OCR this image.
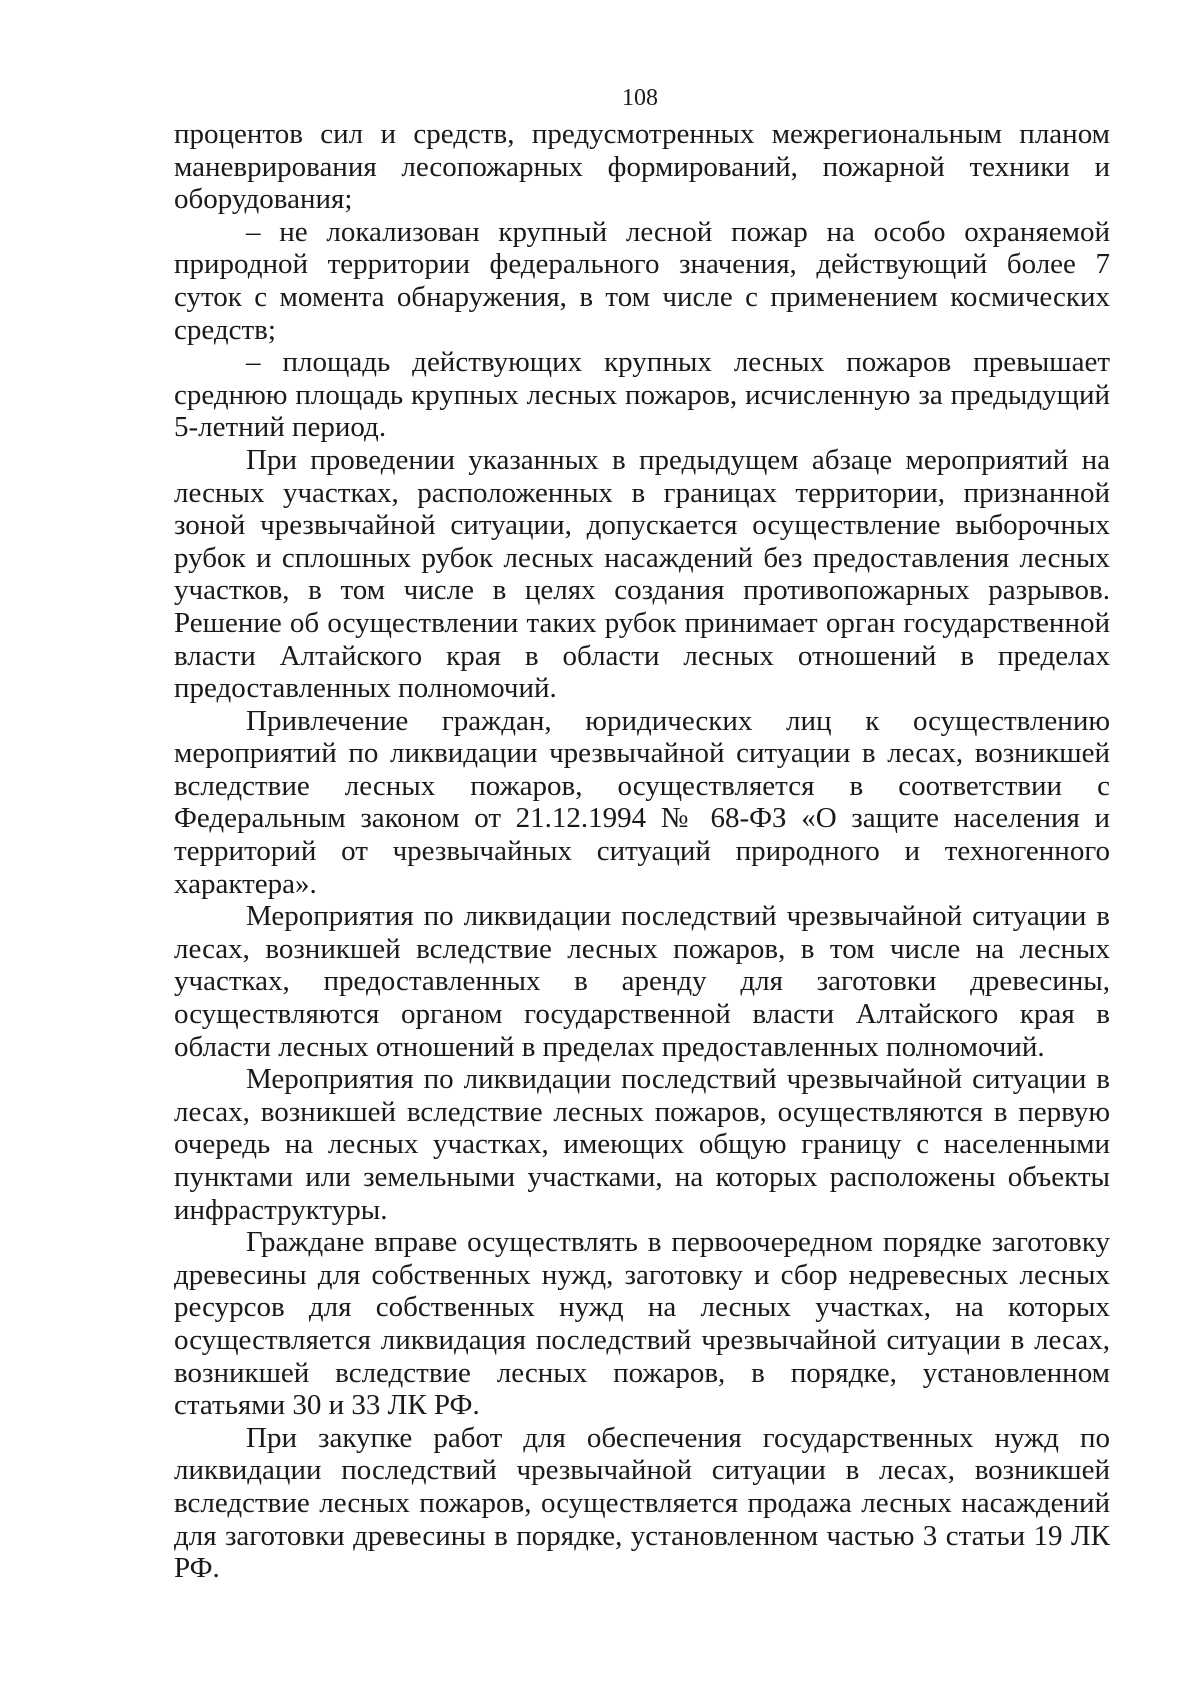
108

процентов сил и средств, предусмотренных межрегиональным планом маневрирования лесопожарных формирований, пожарной техники и оборудования;

– не локализован крупный лесной пожар на особо охраняемой природной территории федерального значения, действующий более 7 суток с момента обнаружения, в том числе с применением космических средств;

– площадь действующих крупных лесных пожаров превышает среднюю площадь крупных лесных пожаров, исчисленную за предыдущий 5-летний период.

При проведении указанных в предыдущем абзаце мероприятий на лесных участках, расположенных в границах территории, признанной зоной чрезвычайной ситуации, допускается осуществление выборочных рубок и сплошных рубок лесных насаждений без предоставления лесных участков, в том числе в целях создания противопожарных разрывов. Решение об осуществлении таких рубок принимает орган государственной власти Алтайского края в области лесных отношений в пределах предоставленных полномочий.

Привлечение граждан, юридических лиц к осуществлению мероприятий по ликвидации чрезвычайной ситуации в лесах, возникшей вследствие лесных пожаров, осуществляется в соответствии с Федеральным законом от 21.12.1994 № 68-ФЗ «О защите населения и территорий от чрезвычайных ситуаций природного и техногенного характера».

Мероприятия по ликвидации последствий чрезвычайной ситуации в лесах, возникшей вследствие лесных пожаров, в том числе на лесных участках, предоставленных в аренду для заготовки древесины, осуществляются органом государственной власти Алтайского края в области лесных отношений в пределах предоставленных полномочий.

Мероприятия по ликвидации последствий чрезвычайной ситуации в лесах, возникшей вследствие лесных пожаров, осуществляются в первую очередь на лесных участках, имеющих общую границу с населенными пунктами или земельными участками, на которых расположены объекты инфраструктуры.

Граждане вправе осуществлять в первоочередном порядке заготовку древесины для собственных нужд, заготовку и сбор недревесных лесных ресурсов для собственных нужд на лесных участках, на которых осуществляется ликвидация последствий чрезвычайной ситуации в лесах, возникшей вследствие лесных пожаров, в порядке, установленном статьями 30 и 33 ЛК РФ.

При закупке работ для обеспечения государственных нужд по ликвидации последствий чрезвычайной ситуации в лесах, возникшей вследствие лесных пожаров, осуществляется продажа лесных насаждений для заготовки древесины в порядке, установленном частью 3 статьи 19 ЛК РФ.
